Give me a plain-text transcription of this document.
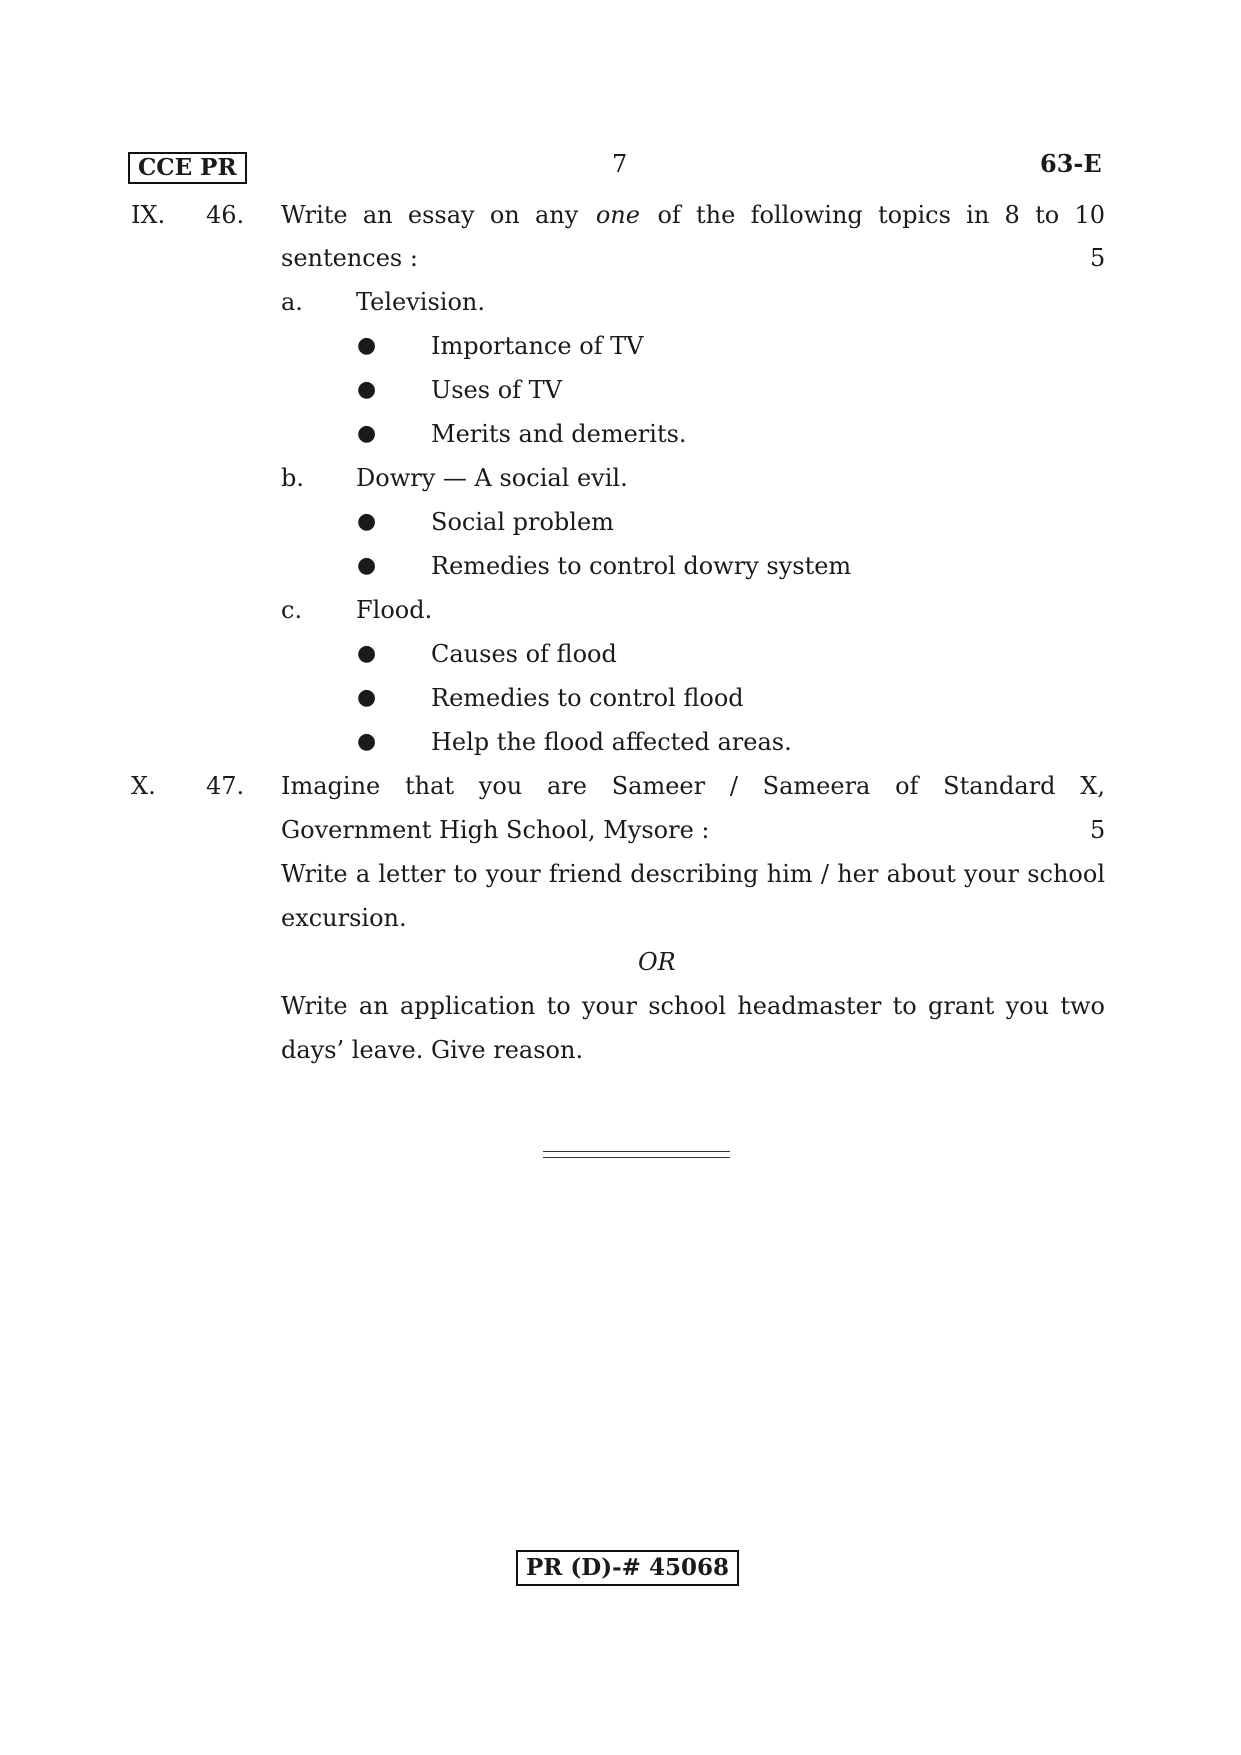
CCE PR	7	63-E
IX. 46. Write  an  essay  on  any one of  the  following  topics  in  8  to  10
sentences :	5
a. Television.
● Importance of TV
● Uses of TV
● Merits and demerits.
b. Dowry — A social evil.
● Social problem
● Remedies to control dowry system
c. Flood.
● Causes of flood
● Remedies to control flood
● Help the flood affected areas.
X. 47. Imagine that you are Sameer / Sameera of Standard X,
Government High School, Mysore :	5
Write a letter to your friend describing him / her about your school
excursion.
OR
Write an application to your school headmaster to grant you two
days’ leave. Give reason.
PR (D)-# 45068
